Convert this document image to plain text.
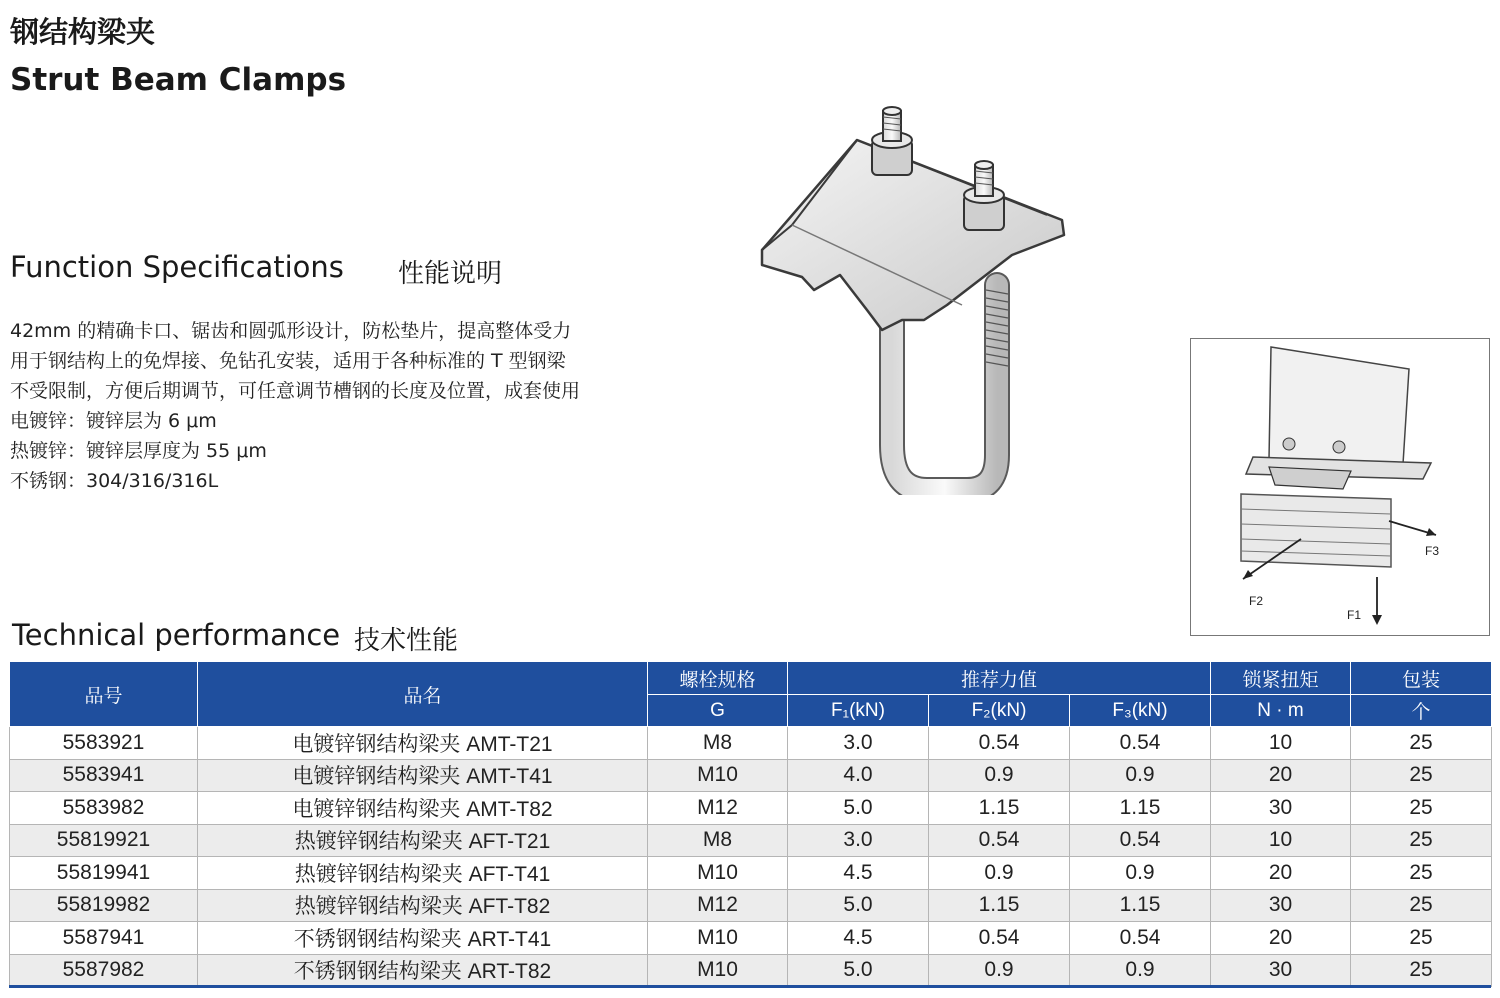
钢结构梁夹
Strut Beam Clamps
Function Specifications 性能说明
42mm 的精确卡口、锯齿和圆弧形设计，防松垫片，提高整体受力
用于钢结构上的免焊接、免钻孔安装，适用于各种标准的 T 型钢梁
不受限制，方便后期调节，可任意调节槽钢的长度及位置，成套使用
电镀锌：镀锌层为 6 μm
热镀锌：镀锌层厚度为 55 μm
不锈钢：304/316/316L
F3
F2
F1
Technical performance 技术性能
品号	品名	螺栓规格	推荐力值			锁紧扭矩	包装
		G	F₁(kN)	F₂(kN)	F₃(kN)	N · m	个
5583921	电镀锌钢结构梁夹 AMT-T21	M8	3.0	0.54	0.54	10	25
5583941	电镀锌钢结构梁夹 AMT-T41	M10	4.0	0.9	0.9	20	25
5583982	电镀锌钢结构梁夹 AMT-T82	M12	5.0	1.15	1.15	30	25
55819921	热镀锌钢结构梁夹 AFT-T21	M8	3.0	0.54	0.54	10	25
55819941	热镀锌钢结构梁夹 AFT-T41	M10	4.5	0.9	0.9	20	25
55819982	热镀锌钢结构梁夹 AFT-T82	M12	5.0	1.15	1.15	30	25
5587941	不锈钢钢结构梁夹 ART-T41	M10	4.5	0.54	0.54	20	25
5587982	不锈钢钢结构梁夹 ART-T82	M10	5.0	0.9	0.9	30	25
